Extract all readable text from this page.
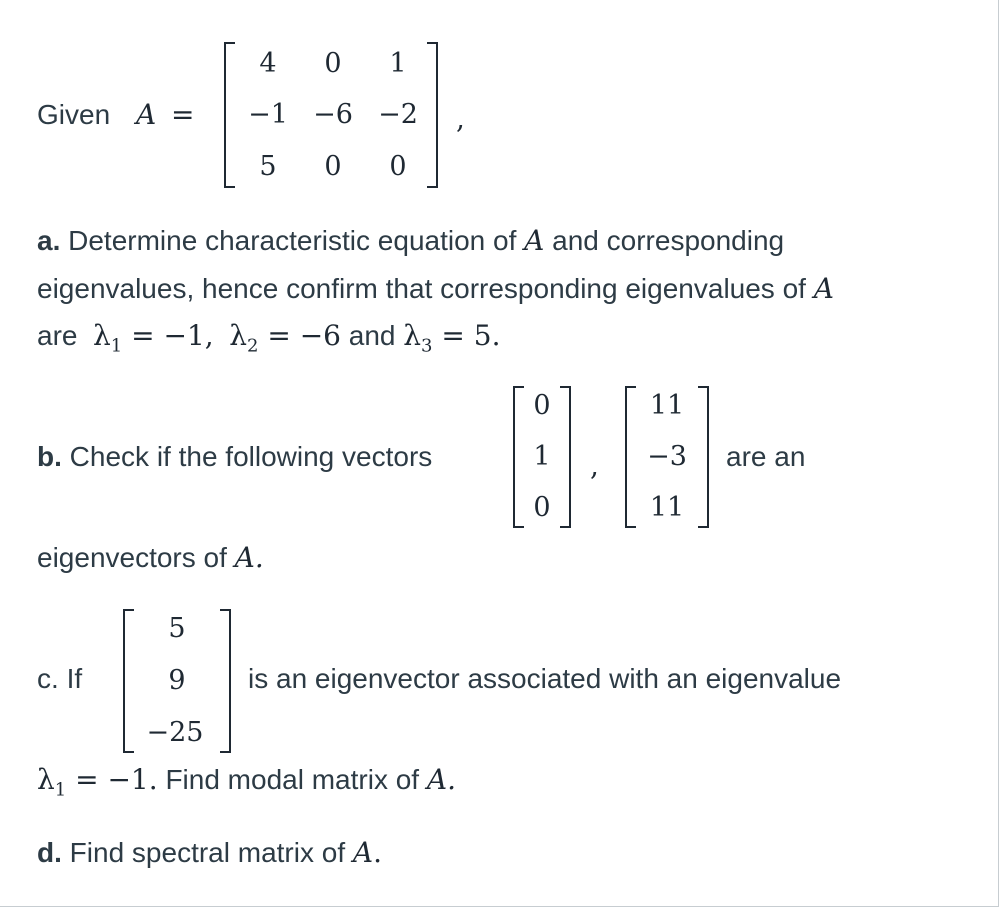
Given A =
4	0	1
−1 −6 −2
5	0	0
,
a. Determine characteristic equation of A and corresponding
eigenvalues, hence confirm that corresponding eigenvalues of A
are $\lambda_1 = -1$, $\lambda_2 = -6$ and $\lambda_3 = 5$.
b. Check if the following vectors
0
1
0
,
11
−3
11
are an
eigenvectors of A.
c. If
5
9
−25
is an eigenvector associated with an eigenvalue
$\lambda_1 = -1$. Find modal matrix of A.
d. Find spectral matrix of A.
